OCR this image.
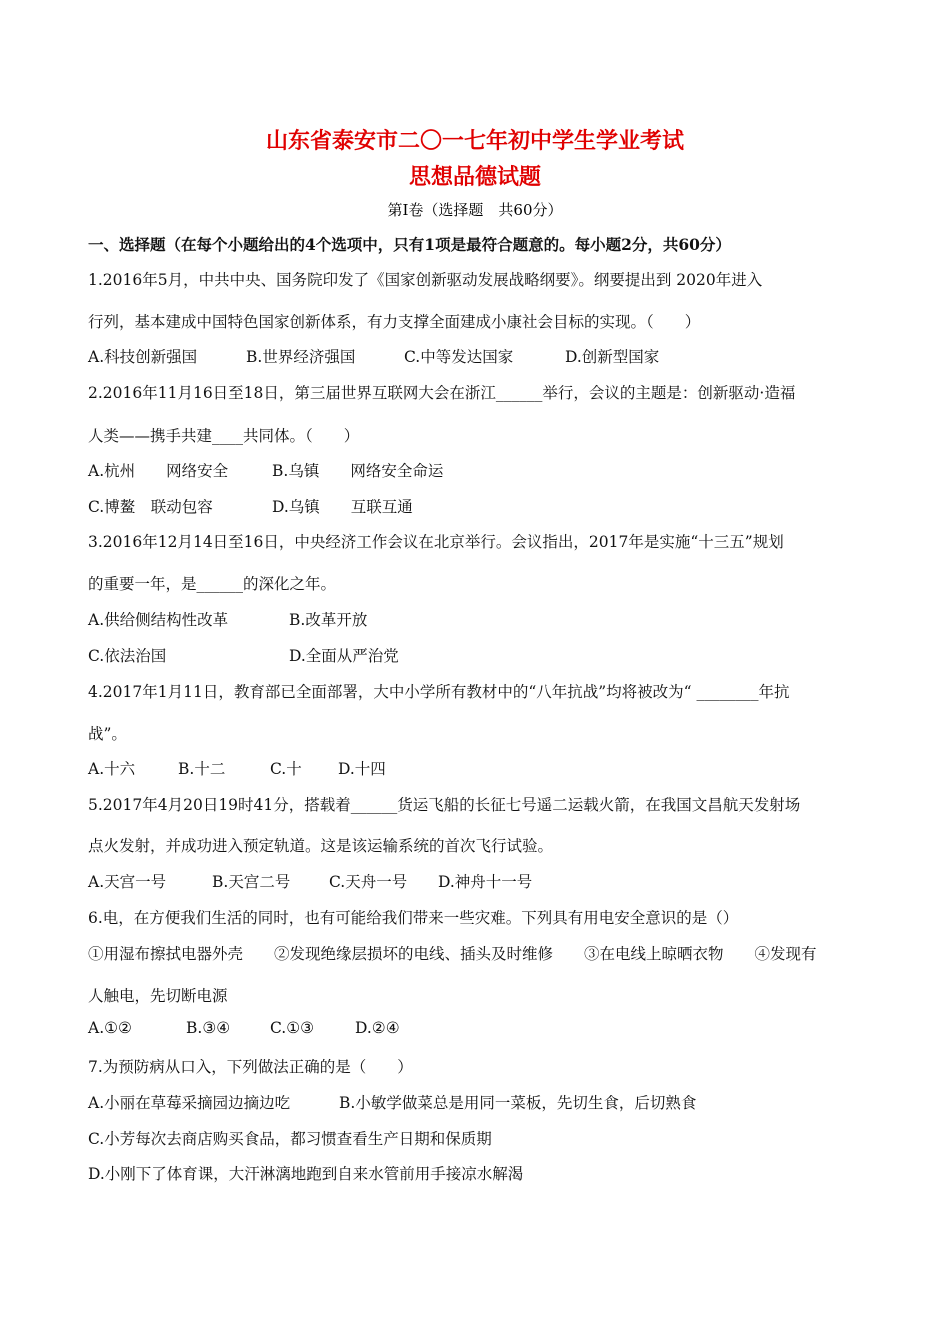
山东省泰安市二〇一七年初中学生学业考试
思想品德试题
第Ⅰ卷（选择题　共60分）
一、选择题（在每个小题给出的4个选项中，只有1项是最符合题意的。每小题2分，共60分）
1.2016年5月，中共中央、国务院印发了《国家创新驱动发展战略纲要》。纲要提出到 2020年进入
行列，基本建成中国特色国家创新体系，有力支撑全面建成小康社会目标的实现。（　　）
A.科技创新强国	B.世界经济强国	C.中等发达国家	D.创新型国家
2.2016年11月16日至18日，第三届世界互联网大会在浙江______举行，会议的主题是：创新驱动·造福
人类——携手共建____共同体。（　　）
A.杭州　　网络安全	B.乌镇　　网络安全命运
C.博鳌　联动包容	D.乌镇　　互联互通
3.2016年12月14日至16日，中央经济工作会议在北京举行。会议指出，2017年是实施“十三五”规划
的重要一年，是______的深化之年。
A.供给侧结构性改革	B.改革开放
C.依法治国	D.全面从严治党
4.2017年1月11日，教育部已全面部署，大中小学所有教材中的“八年抗战”均将被改为“ ________年抗
战”。
A.十六	B.十二	C.十 D.十四
5.2017年4月20日19时41分，搭载着______货运飞船的长征七号遥二运载火箭，在我国文昌航天发射场
点火发射，并成功进入预定轨道。这是该运输系统的首次飞行试验。
A.天宫一号	B.天宫二号 C.天舟一号 D.神舟十一号
6.电，在方便我们生活的同时，也有可能给我们带来一些灾难。下列具有用电安全意识的是（）
①用湿布擦拭电器外壳　　②发现绝缘层损坏的电线、插头及时维修　　③在电线上晾晒衣物　　④发现有
人触电，先切断电源
A.①②	B.③④	C.①③	D.②④
7.为预防病从口入，下列做法正确的是（　　）
A.小丽在草莓采摘园边摘边吃	B.小敏学做菜总是用同一菜板，先切生食，后切熟食
C.小芳每次去商店购买食品，都习惯查看生产日期和保质期
D.小刚下了体育课，大汗淋漓地跑到自来水管前用手接凉水解渴
